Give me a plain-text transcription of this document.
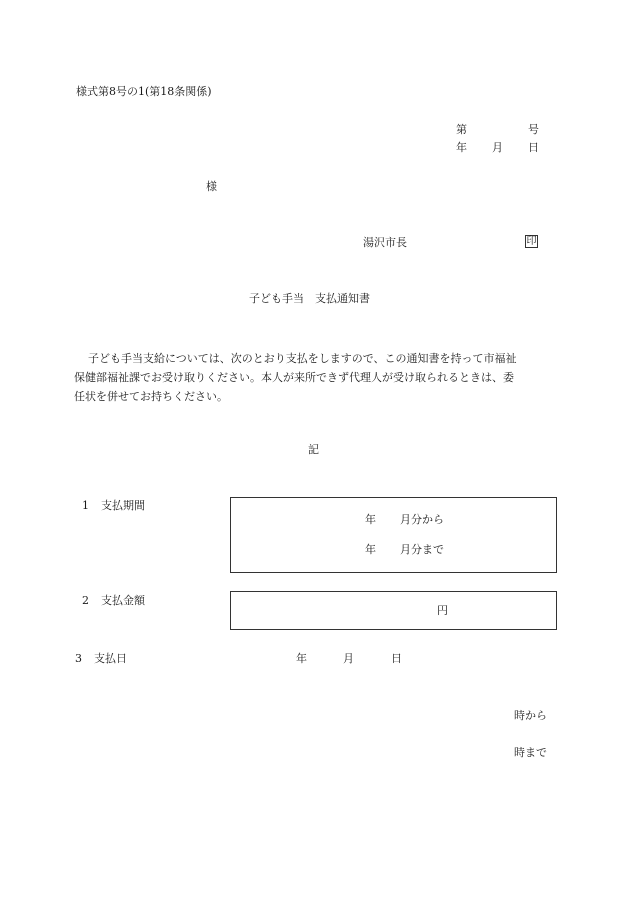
様式第8号の1(第18条関係)
第	号
年 月 日
様
湯沢市長	印
子ども手当　支払通知書
子ども手当支給については、次のとおり支払をしますので、この通知書を持って市福祉
保健部福祉課でお受け取りください。本人が来所できず代理人が受け取られるときは、委
任状を併せてお持ちください。
記
1 支払期間
年 月分から
年 月分まで
2 支払金額
円
3 支払日	年	月	日
時から
時まで
